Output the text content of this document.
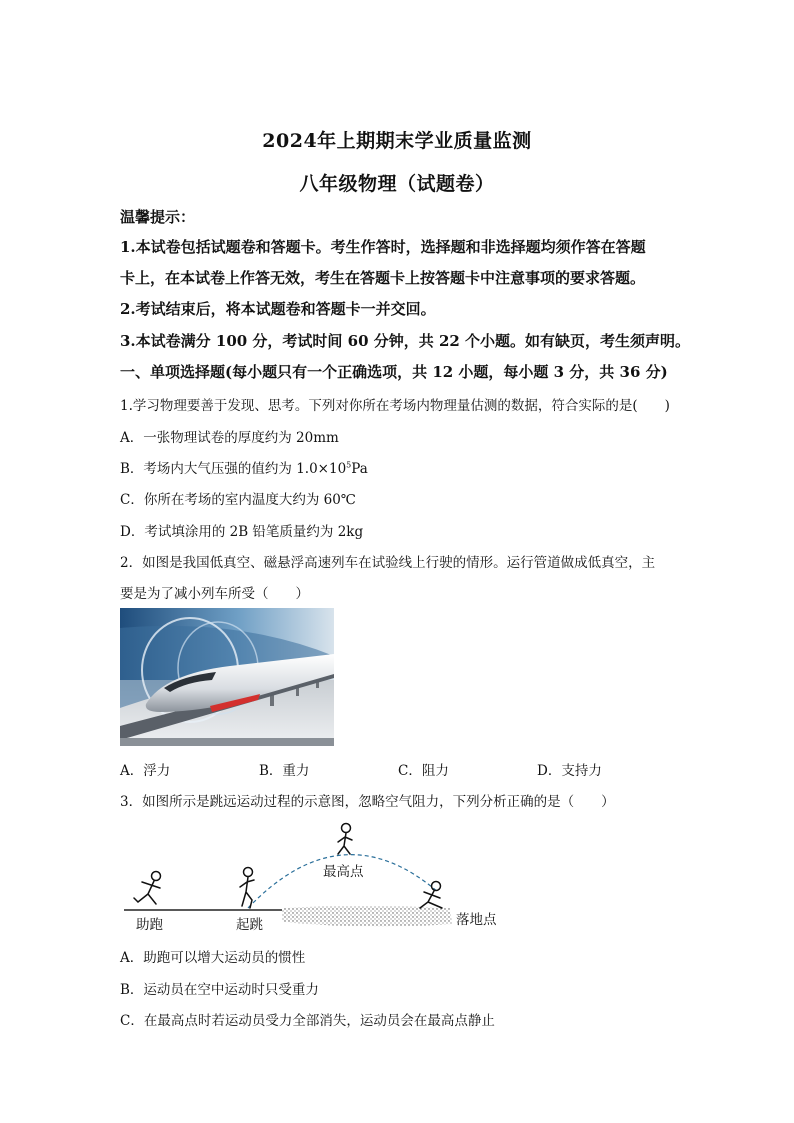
2024年上期期末学业质量监测
八年级物理（试题卷）
温馨提示：
1.本试卷包括试题卷和答题卡。考生作答时，选择题和非选择题均须作答在答题
卡上，在本试卷上作答无效，考生在答题卡上按答题卡中注意事项的要求答题。
2.考试结束后，将本试题卷和答题卡一并交回。
3.本试卷满分 100 分，考试时间 60 分钟，共 22 个小题。如有缺页，考生须声明。
一、单项选择题(每小题只有一个正确选项，共 12 小题，每小题 3 分，共 36 分)
1.学习物理要善于发现、思考。下列对你所在考场内物理量估测的数据，符合实际的是(　　)
A．一张物理试卷的厚度约为 20mm
B．考场内大气压强的值约为 $1.0\times 10^5Pa$
C．你所在考场的室内温度大约为 60℃
D．考试填涂用的 2B 铅笔质量约为 2kg
2．如图是我国低真空、磁悬浮高速列车在试验线上行驶的情形。运行管道做成低真空，主
要是为了减小列车所受（　　）
A．浮力	B．重力	C．阻力	D．支持力
3．如图所示是跳远运动过程的示意图，忽略空气阻力，下列分析正确的是（　　）
助跑	起跳
最高点
落地点
A．助跑可以增大运动员的惯性
B．运动员在空中运动时只受重力
C．在最高点时若运动员受力全部消失，运动员会在最高点静止
